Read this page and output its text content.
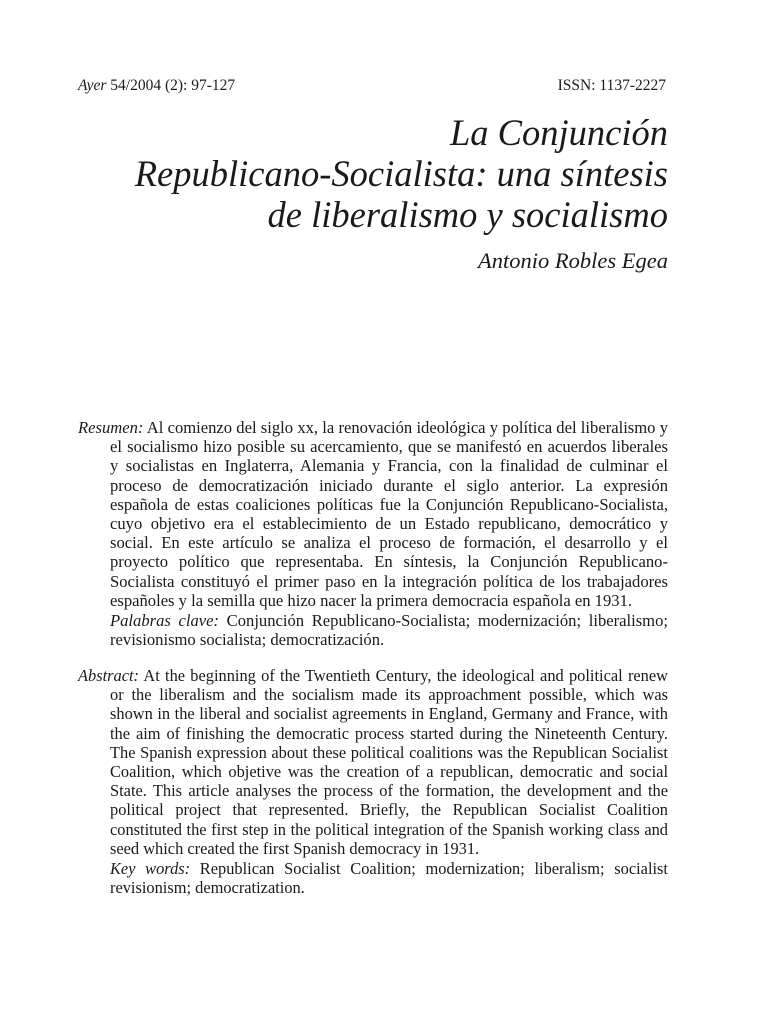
Ayer 54/2004 (2): 97-127	ISSN: 1137-2227
La Conjunción
Republicano-Socialista: una síntesis
de liberalismo y socialismo
Antonio Robles Egea

Resumen: Al comienzo del siglo xx, la renovación ideológica y política del liberalismo y el socialismo hizo posible su acercamiento, que se manifestó en acuerdos liberales y socialistas en Inglaterra, Alemania y Francia, con la finalidad de culminar el proceso de democratización iniciado durante el siglo anterior. La expresión española de estas coaliciones políticas fue la Conjunción Republicano-Socialista, cuyo objetivo era el establecimiento de un Estado republicano, democrático y social. En este artículo se analiza el proceso de formación, el desarrollo y el proyecto político que representaba. En síntesis, la Conjunción Republicano-Socialista constituyó el primer paso en la integración política de los trabajadores españoles y la semilla que hizo nacer la primera democracia española en 1931.

Palabras clave: Conjunción Republicano-Socialista; modernización; liberalismo; revisionismo socialista; democratización.

Abstract: At the beginning of the Twentieth Century, the ideological and political renew or the liberalism and the socialism made its approachment possible, which was shown in the liberal and socialist agreements in England, Germany and France, with the aim of finishing the democratic process started during the Nineteenth Century. The Spanish expression about these political coalitions was the Republican Socialist Coalition, which objetive was the creation of a republican, democratic and social State. This article analyses the process of the formation, the development and the political project that represented. Briefly, the Republican Socialist Coalition constituted the first step in the political integration of the Spanish working class and seed which created the first Spanish democracy in 1931.

Key words: Republican Socialist Coalition; modernization; liberalism; socialist revisionism; democratization.
